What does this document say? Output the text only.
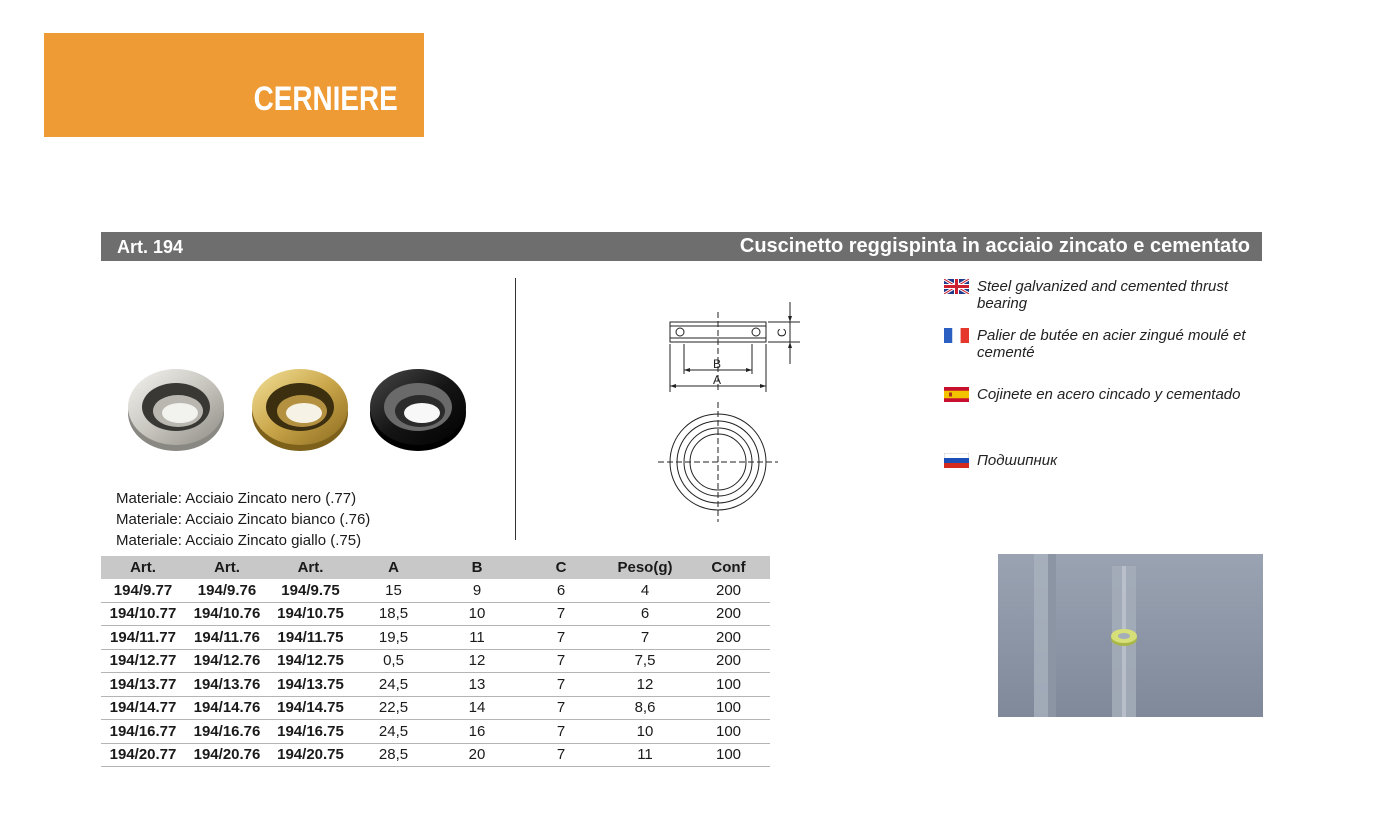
CERNIERE
Art. 194	Cuscinetto reggispinta in acciaio zincato e cementato
Materiale: Acciaio Zincato nero (.77)
Materiale: Acciaio Zincato bianco (.76)
Materiale: Acciaio Zincato giallo (.75)
B
A
C
Steel galvanized and cemented thrust bearing
Palier de butée en acier zingué moulé et cementé
Cojinete en acero cincado y cementado
Подшипник
Art.	Art.	Art.	A	B	C	Peso(g)	Conf
194/9.77	194/9.76	194/9.75	15	9	6	4	200
194/10.77	194/10.76	194/10.75	18,5	10	7	6	200
194/11.77	194/11.76	194/11.75	19,5	11	7	7	200
194/12.77	194/12.76	194/12.75	0,5	12	7	7,5	200
194/13.77	194/13.76	194/13.75	24,5	13	7	12	100
194/14.77	194/14.76	194/14.75	22,5	14	7	8,6	100
194/16.77	194/16.76	194/16.75	24,5	16	7	10	100
194/20.77	194/20.76	194/20.75	28,5	20	7	11	100
